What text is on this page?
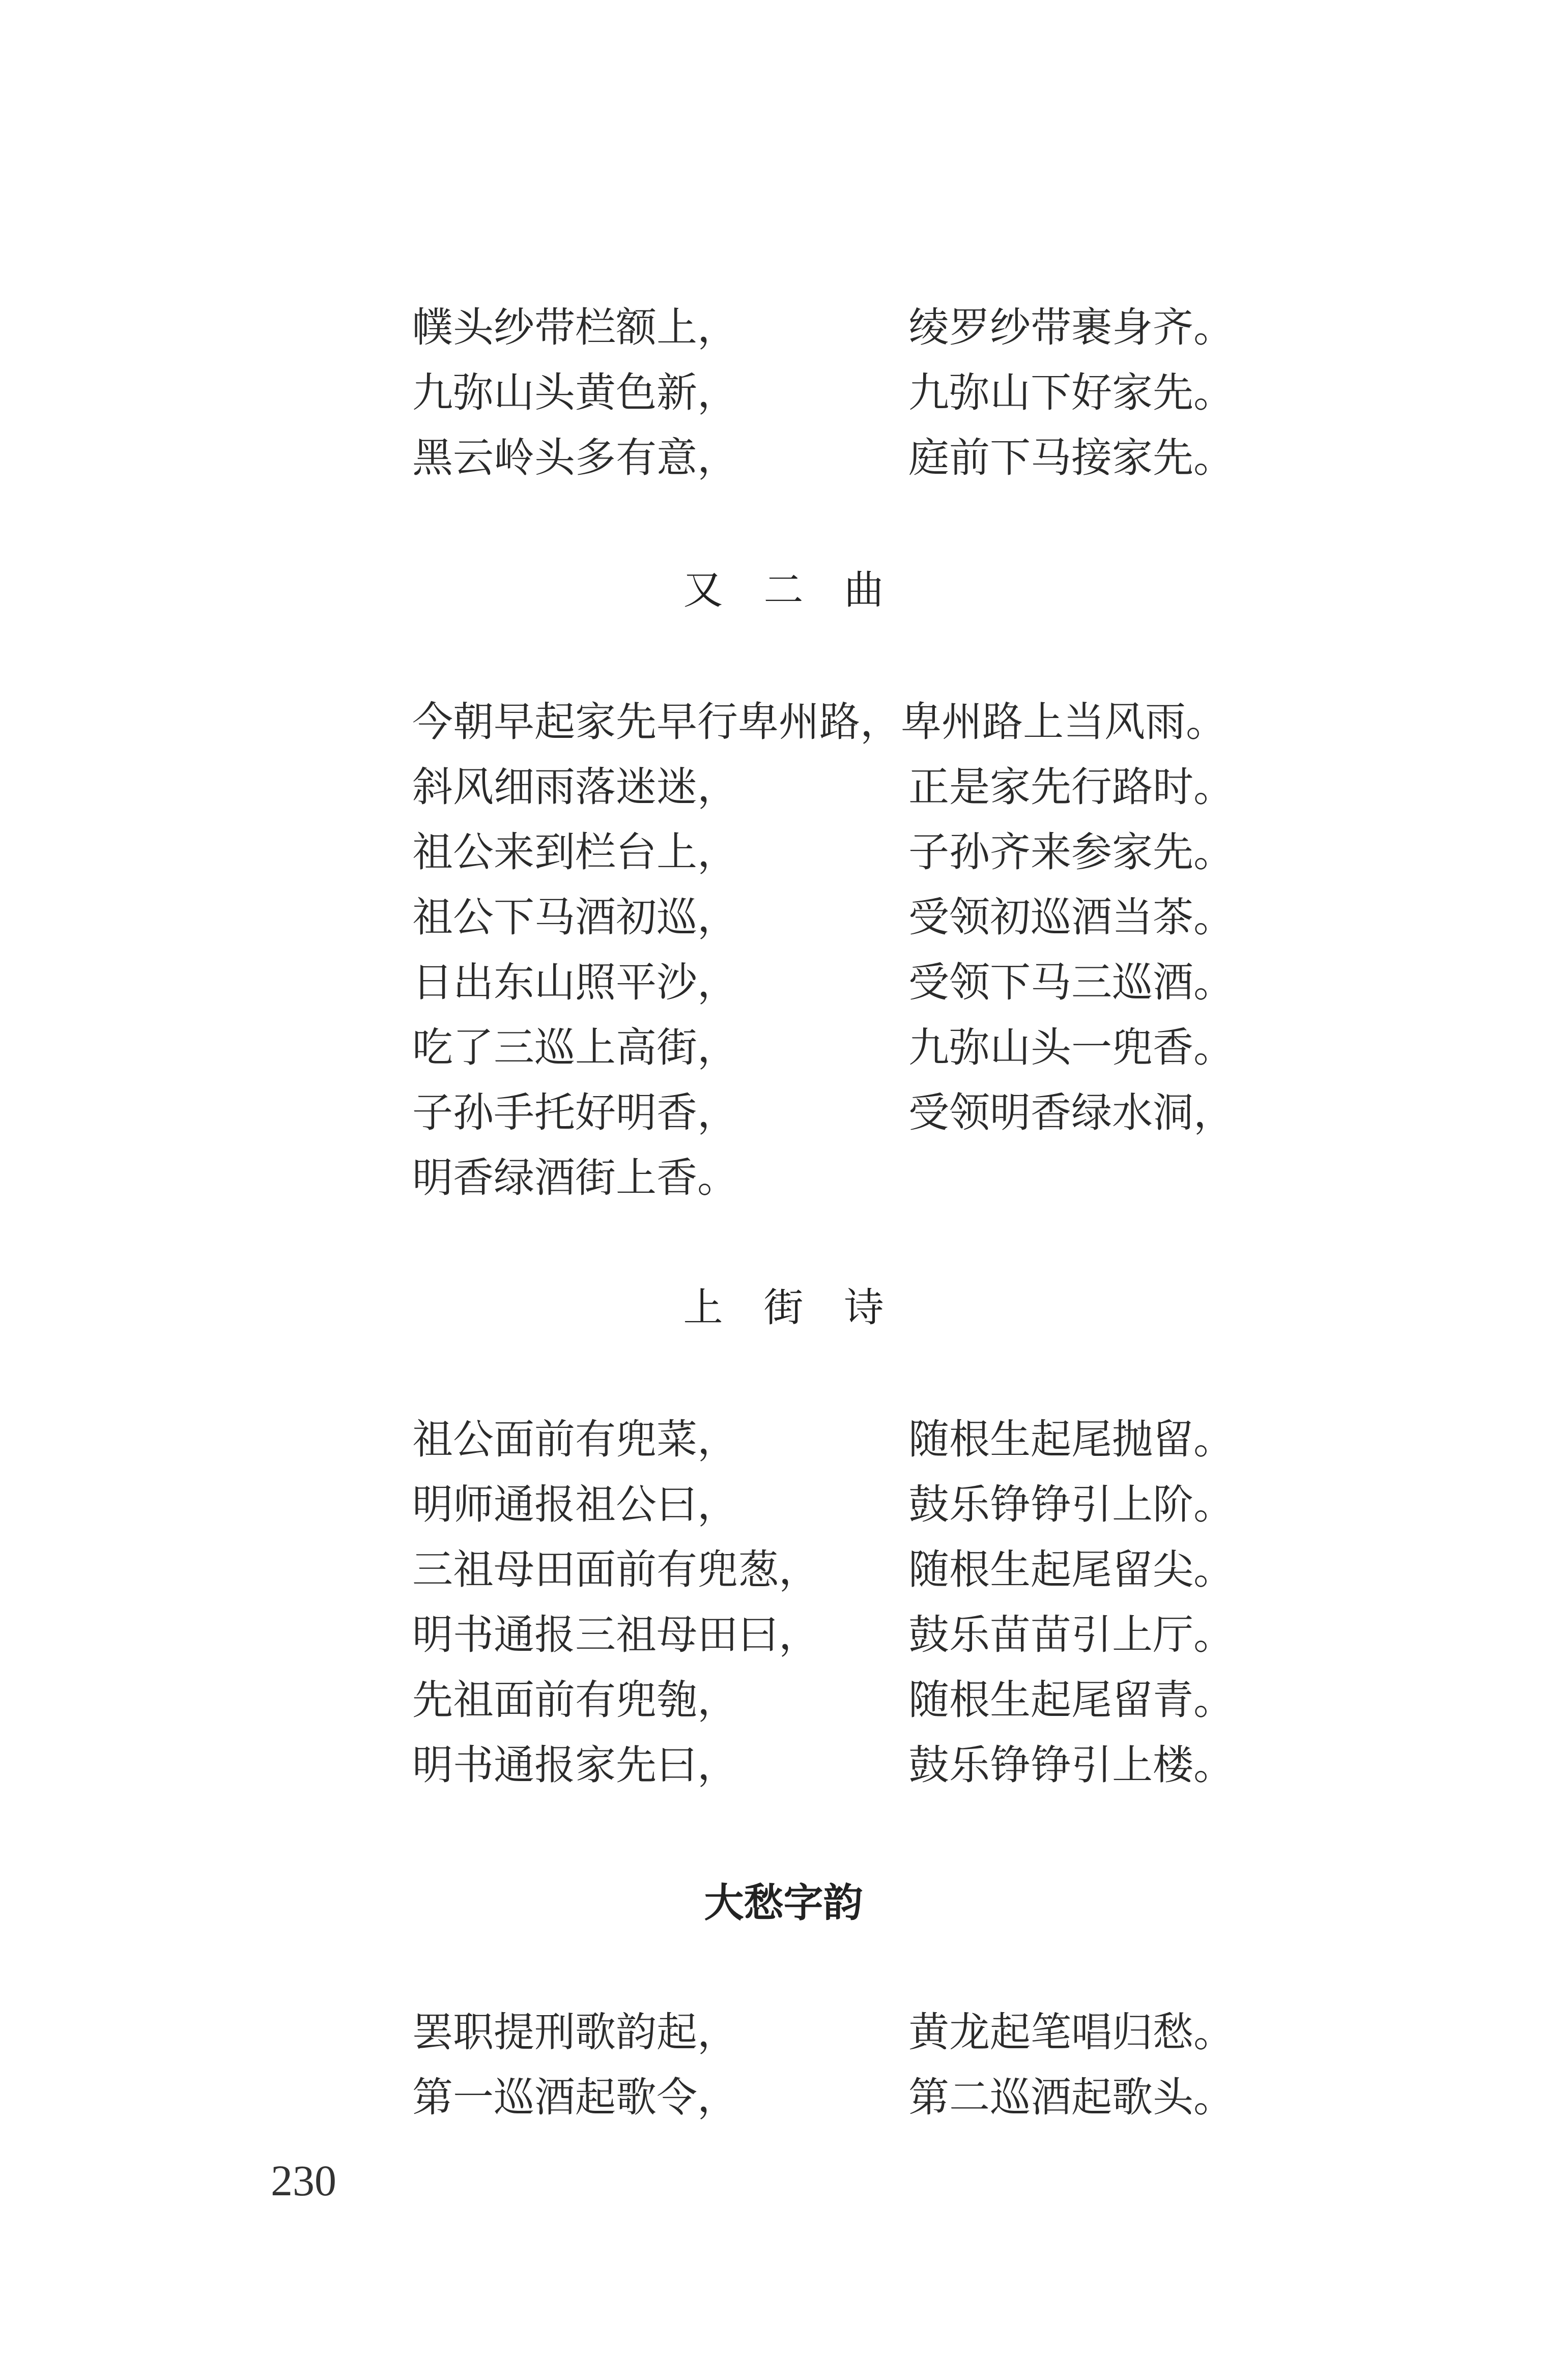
幞头纱带栏额上，	绫罗纱带裹身齐。
九弥山头黄色新，	九弥山下好家先。
黑云岭头多有意，	庭前下马接家先。
又二曲
今朝早起家先早行卑州路，卑州路上当风雨。
斜风细雨落迷迷，	正是家先行路时。
祖公来到栏台上，	子孙齐来参家先。
祖公下马酒初巡，	受领初巡酒当茶。
日出东山照平沙，	受领下马三巡酒。
吃了三巡上高街，	九弥山头一兜香。
子孙手托好明香，	受领明香绿水洞，
明香绿酒街上香。
上街诗
祖公面前有兜菜，	随根生起尾抛留。
明师通报祖公曰，	鼓乐铮铮引上阶。
三祖母田面前有兜葱， 随根生起尾留尖。
明书通报三祖母田曰， 鼓乐苗苗引上厅。
先祖面前有兜匏，	随根生起尾留青。
明书通报家先曰，	鼓乐铮铮引上楼。
大愁字韵
罢职提刑歌韵起，	黄龙起笔唱归愁。
第一巡酒起歌令，	第二巡酒起歌头。
230
